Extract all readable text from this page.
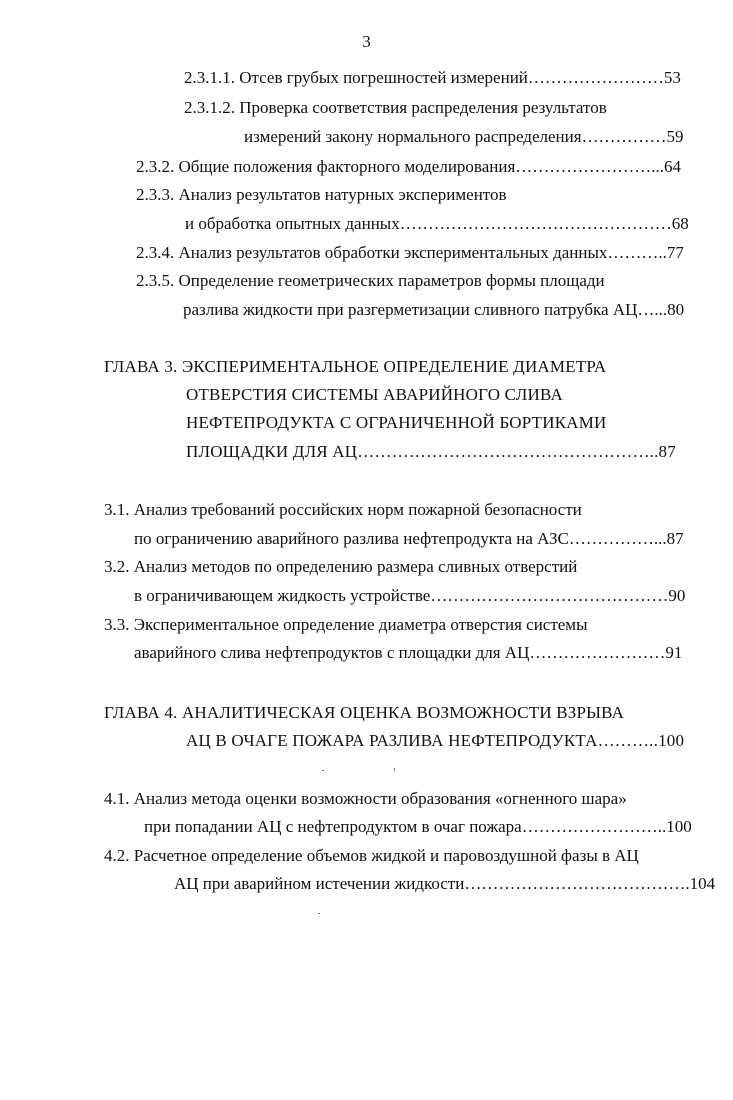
3
2.3.1.1. Отсев грубых погрешностей измерений……………………53
2.3.1.2. Проверка соответствия распределения результатов
измерений закону нормального распределения……………59
2.3.2. Общие положения факторного моделирования……………………...64
2.3.3. Анализ результатов натурных экспериментов
и обработка опытных данных…………………………………………68
2.3.4. Анализ результатов обработки экспериментальных данных………..77
2.3.5. Определение геометрических параметров формы площади
разлива жидкости при разгерметизации сливного патрубка АЦ…...80
ГЛАВА 3. ЭКСПЕРИМЕНТАЛЬНОЕ ОПРЕДЕЛЕНИЕ ДИАМЕТРА
ОТВЕРСТИЯ СИСТЕМЫ АВАРИЙНОГО СЛИВА
НЕФТЕПРОДУКТА С ОГРАНИЧЕННОЙ БОРТИКАМИ
ПЛОЩАДКИ ДЛЯ АЦ……………………………………………..87
3.1. Анализ требований российских норм пожарной безопасности
по ограничению аварийного разлива нефтепродукта на АЗС……………...87
3.2. Анализ методов по определению размера сливных отверстий
в ограничивающем жидкость устройстве……………………………………90
3.3. Экспериментальное определение диаметра отверстия системы
аварийного слива нефтепродуктов с площадки для АЦ……………………91
ГЛАВА 4. АНАЛИТИЧЕСКАЯ ОЦЕНКА ВОЗМОЖНОСТИ ВЗРЫВА
АЦ В ОЧАГЕ ПОЖАРА РАЗЛИВА НЕФТЕПРОДУКТА………..100
4.1. Анализ метода оценки возможности образования «огненного шара»
при попадании АЦ с нефтепродуктом в очаг пожара……………………..100
4.2. Расчетное определение объемов жидкой и паровоздушной фазы в АЦ
АЦ при аварийном истечении жидкости………………………………….104
